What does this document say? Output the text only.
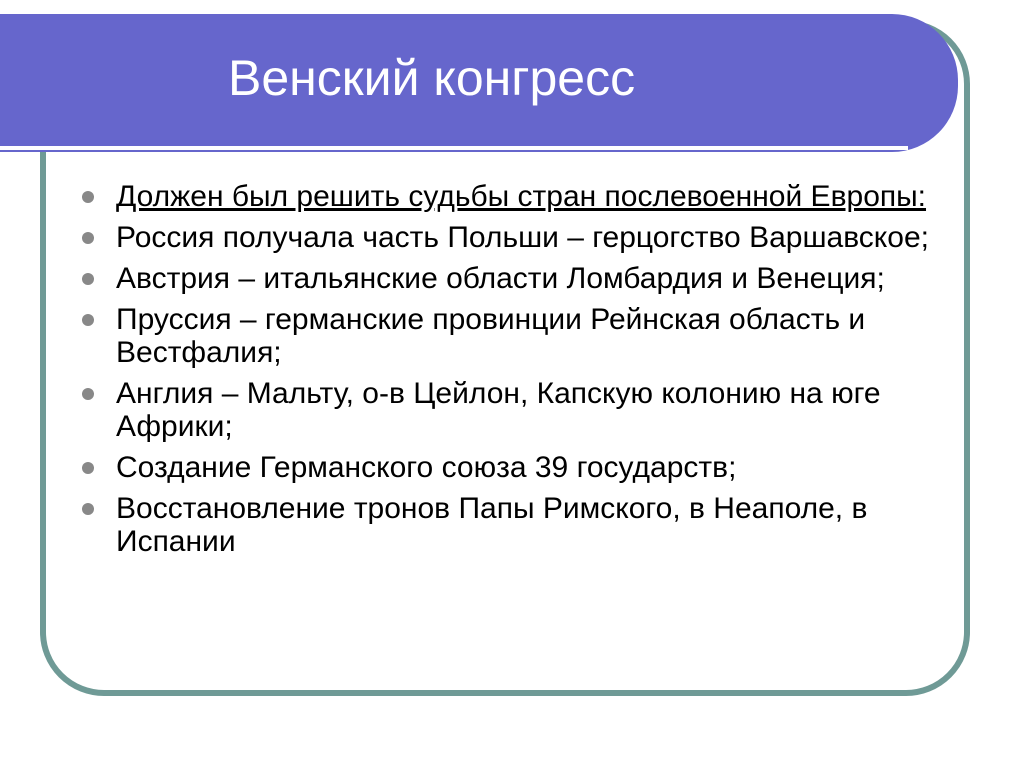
Венский конгресс
Должен был решить судьбы стран послевоенной Европы:
Россия получала часть Польши – герцогство Варшавское;
Австрия – итальянские области Ломбардия и Венеция;
Пруссия – германские провинции Рейнская область и Вестфалия;
Англия – Мальту, о-в Цейлон, Капскую колонию на юге Африки;
Создание Германского союза 39 государств;
Восстановление тронов Папы Римского, в Неаполе, в Испании
